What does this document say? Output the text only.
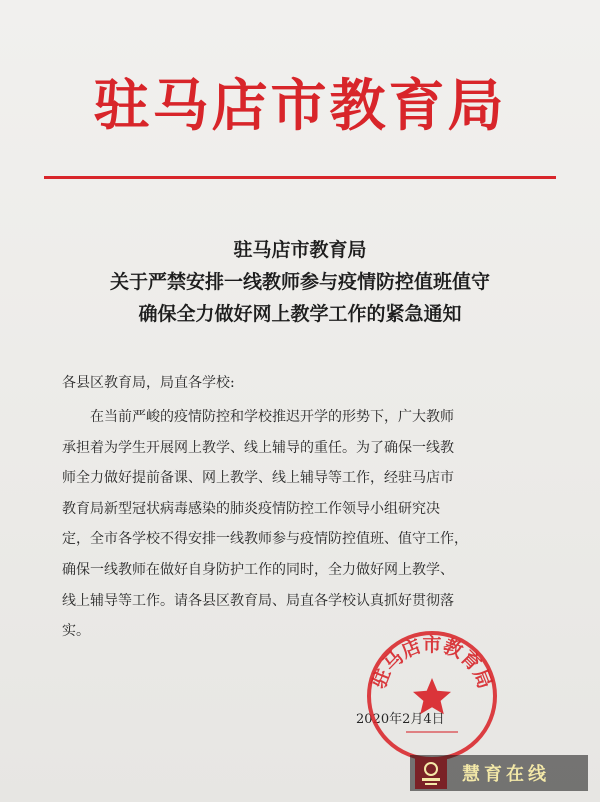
驻马店市教育局
驻马店市教育局
关于严禁安排一线教师参与疫情防控值班值守
确保全力做好网上教学工作的紧急通知
各县区教育局，局直各学校:
在当前严峻的疫情防控和学校推迟开学的形势下，广大教师
承担着为学生开展网上教学、线上辅导的重任。为了确保一线教
师全力做好提前备课、网上教学、线上辅导等工作，经驻马店市
教育局新型冠状病毒感染的肺炎疫情防控工作领导小组研究决
定，全市各学校不得安排一线教师参与疫情防控值班、值守工作，
确保一线教师在做好自身防护工作的同时，全力做好网上教学、
线上辅导等工作。请各县区教育局、局直各学校认真抓好贯彻落
实。
2020年2月4日
驻马店市教育局
慧育在线
